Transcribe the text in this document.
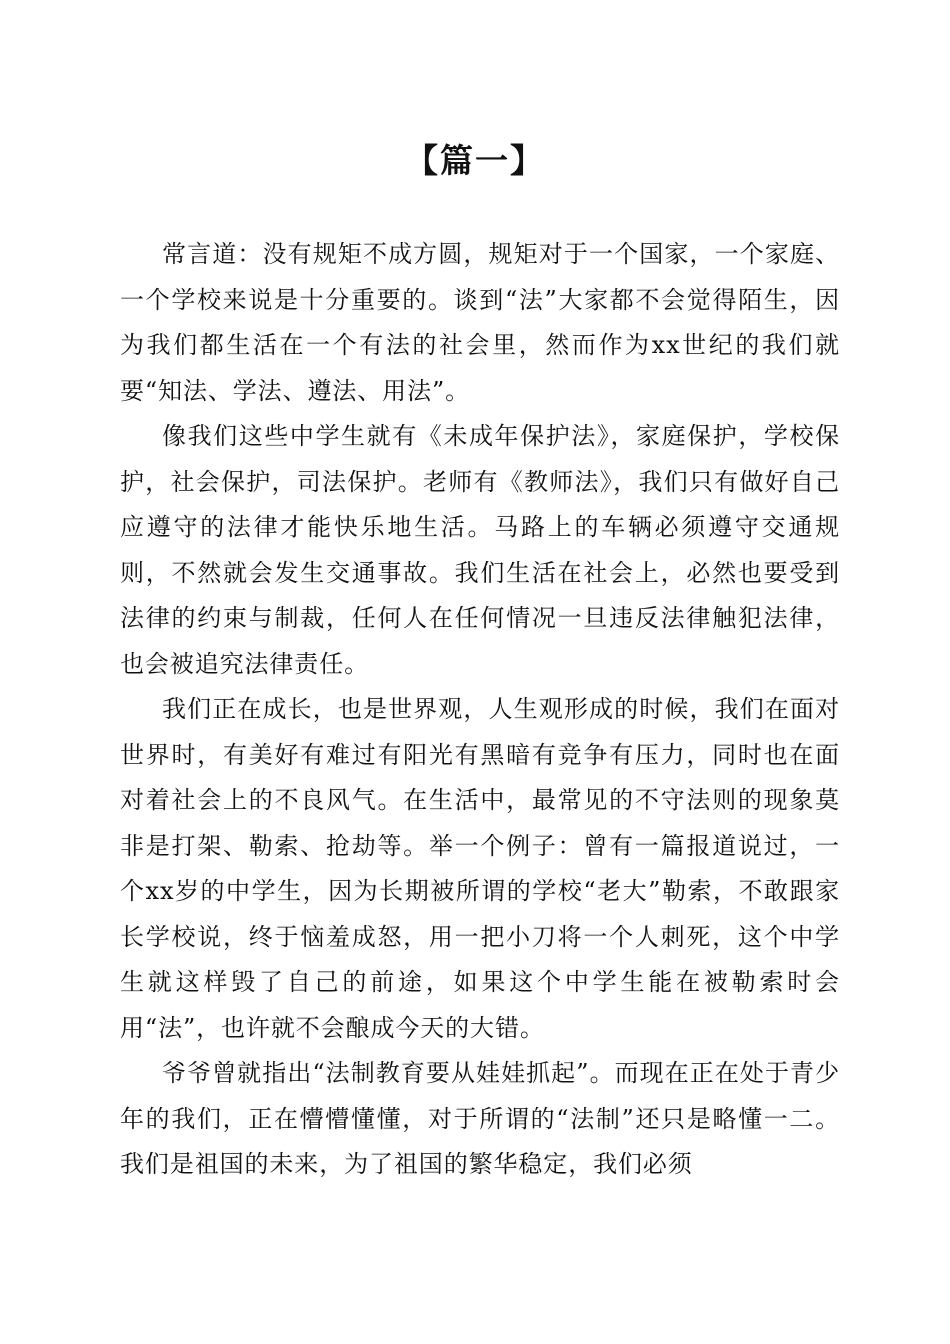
【篇一】

常言道：没有规矩不成方圆，规矩对于一个国家，一个家庭、一个学校来说是十分重要的。谈到“法”大家都不会觉得陌生，因为我们都生活在一个有法的社会里，然而作为xx世纪的我们就要“知法、学法、遵法、用法”。

像我们这些中学生就有《未成年保护法》，家庭保护，学校保护，社会保护，司法保护。老师有《教师法》，我们只有做好自己应遵守的法律才能快乐地生活。马路上的车辆必须遵守交通规则，不然就会发生交通事故。我们生活在社会上，必然也要受到法律的约束与制裁，任何人在任何情况一旦违反法律触犯法律，也会被追究法律责任。

我们正在成长，也是世界观，人生观形成的时候，我们在面对世界时，有美好有难过有阳光有黑暗有竞争有压力，同时也在面对着社会上的不良风气。在生活中，最常见的不守法则的现象莫非是打架、勒索、抢劫等。举一个例子：曾有一篇报道说过，一个xx岁的中学生，因为长期被所谓的学校“老大”勒索，不敢跟家长学校说，终于恼羞成怒，用一把小刀将一个人刺死，这个中学生就这样毁了自己的前途，如果这个中学生能在被勒索时会用“法”，也许就不会酿成今天的大错。

爷爷曾就指出“法制教育要从娃娃抓起”。而现在正在处于青少年的我们，正在懵懵懂懂，对于所谓的“法制”还只是略懂一二。我们是祖国的未来，为了祖国的繁华稳定，我们必须
